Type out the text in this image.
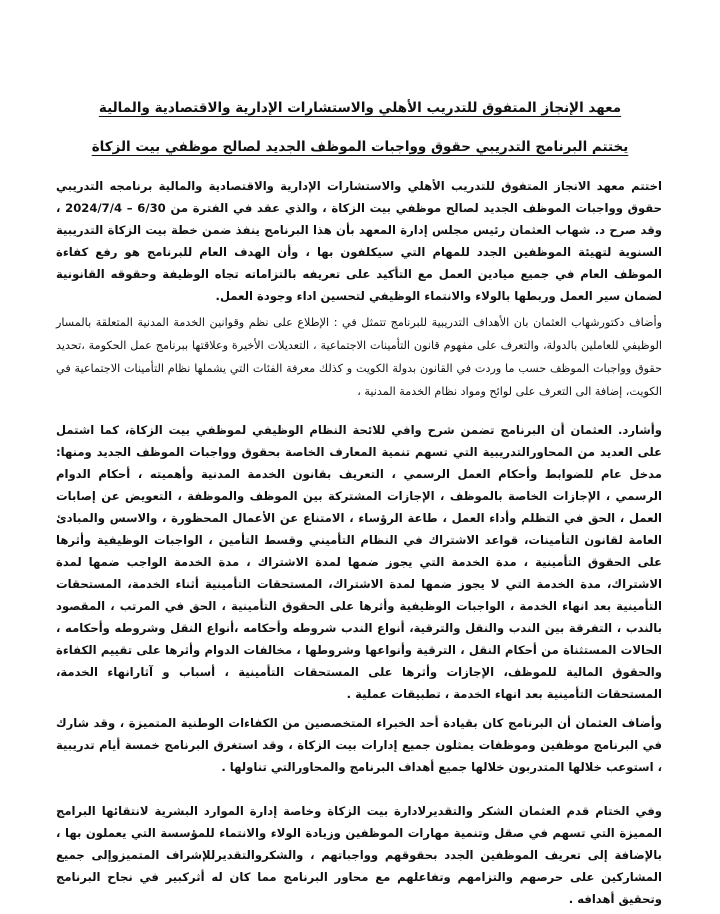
معهد الإنجاز المتفوق للتدريب الأهلي والاستشارات الإدارية والاقتصادية والمالية
يختتم البرنامج التدريبي حقوق وواجبات الموظف الجديد لصالح موظفي بيت الزكاة

اختتم معهد الانجاز المتفوق للتدريب الأهلي والاستشارات الإدارية والاقتصادية والمالية برنامجه التدريبي حقوق وواجبات الموظف الجديد لصالح موظفي بيت الزكاة ، والذي عقد في الفترة من 6/30 – 2024/7/4 ، وقد صرح د. شهاب العثمان رئيس مجلس إدارة المعهد بأن هذا البرنامج ينفذ ضمن خطة بيت الزكاة التدريبية السنوية لتهيئة الموظفين الجدد للمهام التي سيكلفون بها ، وأن الهدف العام للبرنامج هو رفع كفاءة الموظف العام في جميع ميادين العمل مع التأكيد على تعريفه بالتزاماته تجاه الوظيفة وحقوقه القانونية لضمان سير العمل وربطها بالولاء والانتماء الوظيفي لتحسين اداء وجودة العمل.

وأضاف دكتورشهاب العثمان بان الأهداف التدريبية للبرنامج تتمثل في : الإطلاع على نظم وقوانين الخدمة المدنية المتعلقة بالمسار الوظيفي للعاملين بالدولة، والتعرف على مفهوم قانون التأمينات الاجتماعية ، التعديلات الأخيرة وعلاقتها ببرنامج عمل الحكومة ،تحديد حقوق وواجبات الموظف حسب ما وردت في القانون بدولة الكويت و كذلك معرفة الفئات التي يشملها نظام التأمينات الاجتماعية في الكويت، إضافة الى التعرف على لوائح ومواد نظام الخدمة المدنية ،

وأشارد. العثمان أن البرنامج تضمن شرح وافي للائحة النظام الوظيفي لموظفي بيت الزكاة، كما اشتمل على العديد من المحاورالتدريبية التي تسهم تنمية المعارف الخاصة بحقوق وواجبات الموظف الجديد ومنها: مدخل عام للضوابط وأحكام العمل الرسمي ، التعريف بقانون الخدمة المدنية وأهميته ، أحكام الدوام الرسمي ، الإجازات الخاصة بالموظف ، الإجازات المشتركة بين الموظف والموظفة ، التعويض عن إصابات العمل ، الحق في التظلم وأداء العمل ، طاعة الرؤساء ، الامتناع عن الأعمال المحظورة ، والاسس والمبادئ العامة لقانون التأمينات، قواعد الاشتراك في النظام التأميني وقسط التأمين ، الواجبات الوظيفية وأثرها على الحقوق التأمينية ، مدة الخدمة التي يجوز ضمها لمدة الاشتراك ، مدة الخدمة الواجب ضمها لمدة الاشتراك، مدة الخدمة التي لا يجوز ضمها لمدة الاشتراك، المستحقات التأمينية أثناء الخدمة، المستحقات التأمينية بعد انهاء الخدمة ، الواجبات الوظيفية وأثرها على الحقوق التأمينية ، الحق في المرتب ، المقصود بالندب ، التفرقة بين الندب والنقل والترقية، أنواع الندب شروطه وأحكامه ،أنواع النقل وشروطه وأحكامه ، الحالات المستثناة من أحكام النقل ، الترقية وأنواعها وشروطها ، مخالفات الدوام وأثرها على تقييم الكفاءة والحقوق المالية للموظف، الإجازات وأثرها على المستحقات التأمينية ، أسباب و آثارانهاء الخدمة، المستحقات التأمينية بعد انهاء الخدمة ، تطبيقات عملية .

وأضاف العثمان أن البرنامج كان بقيادة أحد الخبراء المتخصصين من الكفاءات الوطنية المتميزة ، وقد شارك في البرنامج موظفين وموظفات يمثلون جميع إدارات بيت الزكاة ، وقد استغرق البرنامج خمسة أيام تدريبية ، استوعب خلالها المتدربون خلالها جميع أهداف البرنامج والمحاورالتي تناولها .

وفي الختام قدم العثمان الشكر والتقديرلادارة بيت الزكاة وخاصة إدارة الموارد البشرية لانتقائها البرامج المميزة التي تسهم في صقل وتنمية مهارات الموظفين وزيادة الولاء والانتماء للمؤسسة التي يعملون بها ، بالإضافة إلى تعريف الموظفين الجدد بحقوقهم وواجباتهم ، والشكروالتقديرللإشراف المتميزوإلى جميع المشاركين على حرصهم والتزامهم وتفاعلهم مع محاور البرنامج مما كان له أثركبير في نجاح البرنامج وتحقيق أهدافه .
